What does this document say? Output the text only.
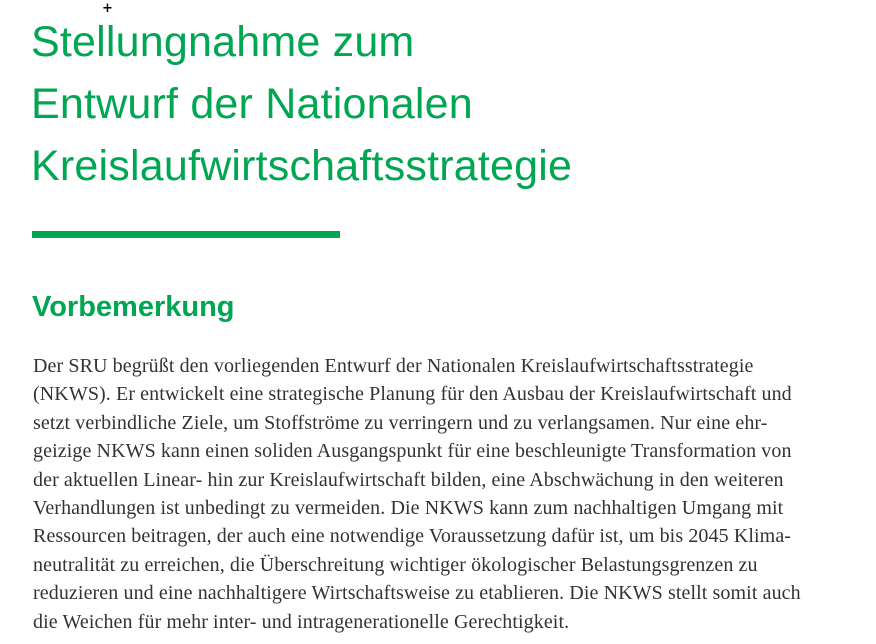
+
Stellungnahme zum
Entwurf der Nationalen
Kreislaufwirtschaftsstrategie
Vorbemerkung
Der SRU begrüßt den vorliegenden Entwurf der Nationalen Kreislaufwirtschaftsstrategie
(NKWS). Er entwickelt eine strategische Planung für den Ausbau der Kreislaufwirtschaft und
setzt verbindliche Ziele, um Stoffströme zu verringern und zu verlangsamen. Nur eine ehr-
geizige NKWS kann einen soliden Ausgangspunkt für eine beschleunigte Transformation von
der aktuellen Linear- hin zur Kreislaufwirtschaft bilden, eine Abschwächung in den weiteren
Verhandlungen ist unbedingt zu vermeiden. Die NKWS kann zum nachhaltigen Umgang mit
Ressourcen beitragen, der auch eine notwendige Voraussetzung dafür ist, um bis 2045 Klima-
neutralität zu erreichen, die Überschreitung wichtiger ökologischer Belastungsgrenzen zu
reduzieren und eine nachhaltigere Wirtschaftsweise zu etablieren. Die NKWS stellt somit auch
die Weichen für mehr inter- und intragenerationelle Gerechtigkeit.
